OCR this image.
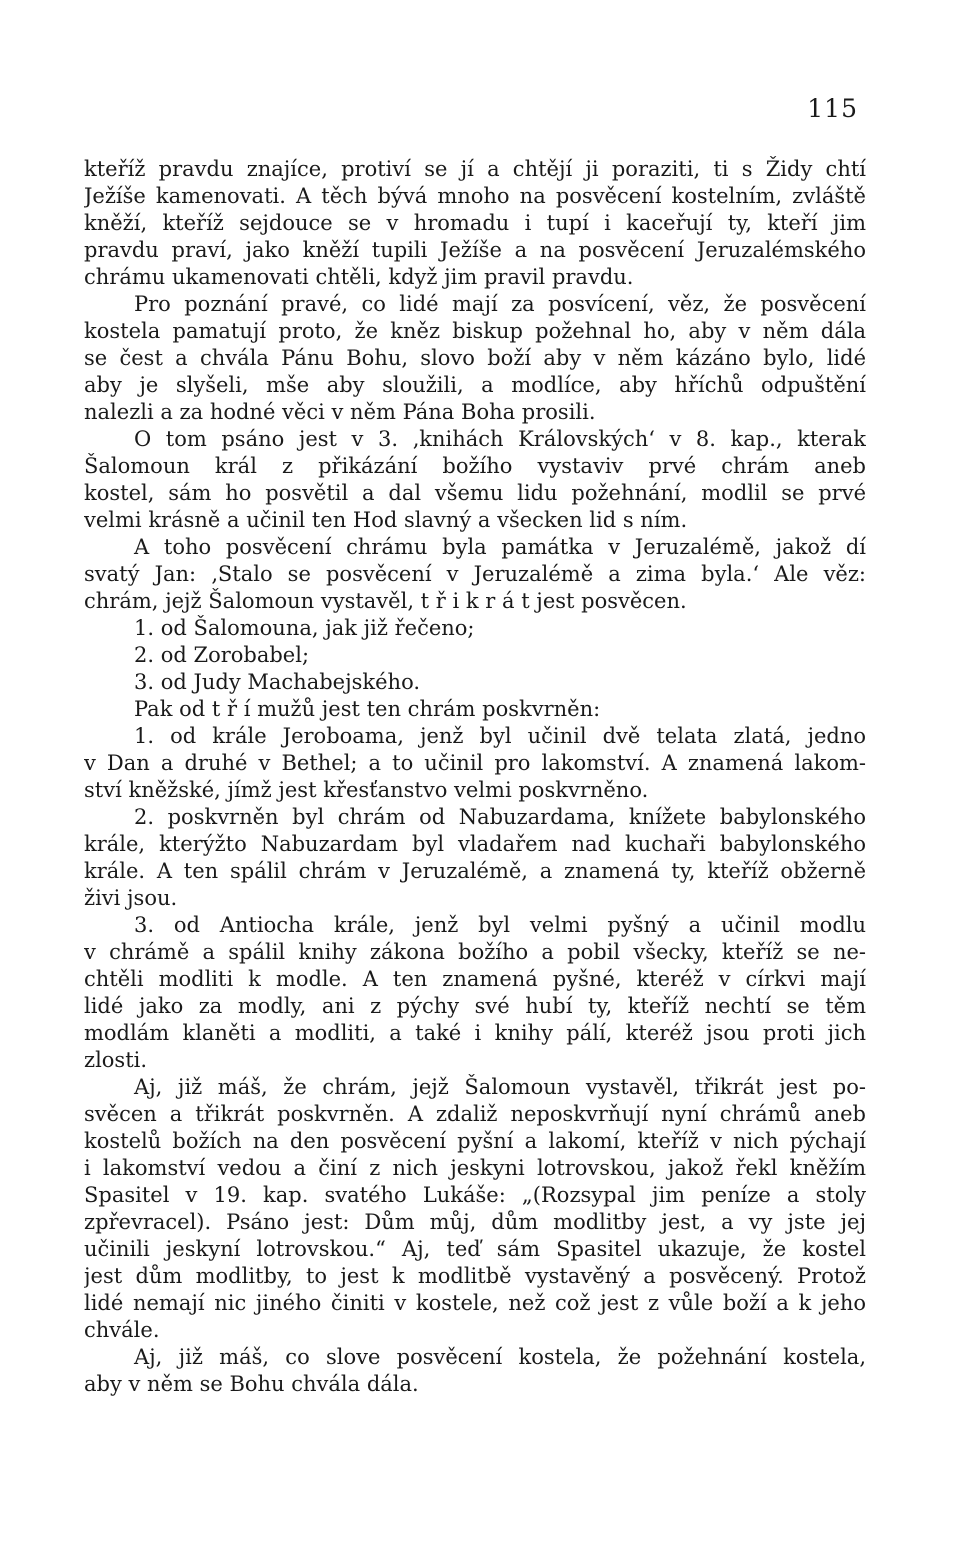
115
kteříž pravdu znajíce, protiví se jí a chtějí ji poraziti, ti s Židy chtí
Ježíše kamenovati. A těch bývá mnoho na posvěcení kostelním, zvláště
kněží, kteříž sejdouce se v hromadu i tupí i kaceřují ty, kteří jim
pravdu praví, jako kněží tupili Ježíše a na posvěcení Jeruzalémského
chrámu ukamenovati chtěli, když jim pravil pravdu.
Pro poznání pravé, co lidé mají za posvícení, věz, že posvěcení
kostela pamatují proto, že kněz biskup požehnal ho, aby v něm dála
se čest a chvála Pánu Bohu, slovo boží aby v něm kázáno bylo, lidé
aby je slyšeli, mše aby sloužili, a modlíce, aby hříchů odpuštění
nalezli a za hodné věci v něm Pána Boha prosili.
O tom psáno jest v 3. ‚knihách Královských‘ v 8. kap., kterak
Šalomoun král z přikázání božího vystaviv prvé chrám aneb
kostel, sám ho posvětil a dal všemu lidu požehnání, modlil se prvé
velmi krásně a učinil ten Hod slavný a všecken lid s ním.
A toho posvěcení chrámu byla památka v Jeruzalémě, jakož dí
svatý Jan: ‚Stalo se posvěcení v Jeruzalémě a zima byla.‘ Ale věz:
chrám, jejž Šalomoun vystavěl, t ř i k r á t jest posvěcen.
1. od Šalomouna, jak již řečeno;
2. od Zorobabel;
3. od Judy Machabejského.
Pak od t ř í mužů jest ten chrám poskvrněn:
1. od krále Jeroboama, jenž byl učinil dvě telata zlatá, jedno
v Dan a druhé v Bethel; a to učinil pro lakomství. A znamená lakom-
ství kněžské, jímž jest křesťanstvo velmi poskvrněno.
2. poskvrněn byl chrám od Nabuzardama, knížete babylonského
krále, kterýžto Nabuzardam byl vladařem nad kuchaři babylonského
krále. A ten spálil chrám v Jeruzalémě, a znamená ty, kteříž obžerně
živi jsou.
3. od Antiocha krále, jenž byl velmi pyšný a učinil modlu
v chrámě a spálil knihy zákona božího a pobil všecky, kteříž se ne-
chtěli modliti k modle. A ten znamená pyšné, kteréž v církvi mají
lidé jako za modly, ani z pýchy své hubí ty, kteříž nechtí se těm
modlám klaněti a modliti, a také i knihy pálí, kteréž jsou proti jich
zlosti.
Aj, již máš, že chrám, jejž Šalomoun vystavěl, třikrát jest po-
svěcen a třikrát poskvrněn. A zdaliž neposkvrňují nyní chrámů aneb
kostelů božích na den posvěcení pyšní a lakomí, kteříž v nich pýchají
i lakomství vedou a činí z nich jeskyni lotrovskou, jakož řekl kněžím
Spasitel v 19. kap. svatého Lukáše: „(Rozsypal jim peníze a stoly
zpřevracel). Psáno jest: Dům můj, dům modlitby jest, a vy jste jej
učinili jeskyní lotrovskou.“ Aj, teď sám Spasitel ukazuje, že kostel
jest dům modlitby, to jest k modlitbě vystavěný a posvěcený. Protož
lidé nemají nic jiného činiti v kostele, než což jest z vůle boží a k jeho
chvále.
Aj, již máš, co slove posvěcení kostela, že požehnání kostela,
aby v něm se Bohu chvála dála.
